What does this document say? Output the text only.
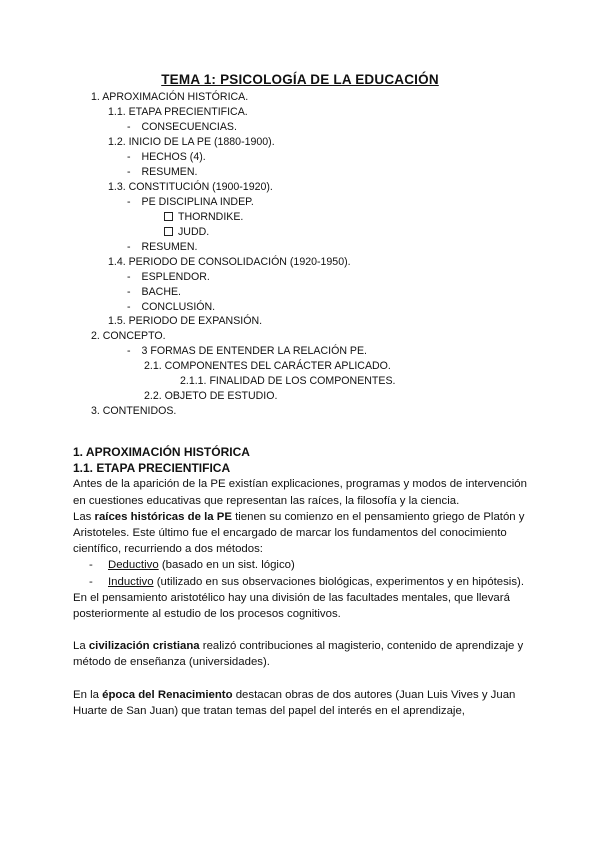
TEMA 1: PSICOLOGÍA DE LA EDUCACIÓN
1. APROXIMACIÓN HISTÓRICA.
1.1. ETAPA PRECIENTIFICA.
- CONSECUENCIAS.
1.2. INICIO DE LA PE (1880-1900).
- HECHOS (4).
- RESUMEN.
1.3. CONSTITUCIÓN (1900-1920).
- PE DISCIPLINA INDEP.
THORNDIKE.
JUDD.
- RESUMEN.
1.4. PERIODO DE CONSOLIDACIÓN (1920-1950).
- ESPLENDOR.
- BACHE.
- CONCLUSIÓN.
1.5. PERIODO DE EXPANSIÓN.
2. CONCEPTO.
- 3 FORMAS DE ENTENDER LA RELACIÓN PE.
2.1. COMPONENTES DEL CARÁCTER APLICADO.
2.1.1. FINALIDAD DE LOS COMPONENTES.
2.2. OBJETO DE ESTUDIO.
3. CONTENIDOS.
1. APROXIMACIÓN HISTÓRICA
1.1. ETAPA PRECIENTIFICA

Antes de la aparición de la PE existían explicaciones, programas y modos de intervención en cuestiones educativas que representan las raíces, la filosofía y la ciencia.

Las raíces históricas de la PE tienen su comienzo en el pensamiento griego de Platón y Aristoteles. Este último fue el encargado de marcar los fundamentos del conocimiento científico, recurriendo a dos métodos:

- Deductivo (basado en un sist. lógico)
- Inductivo (utilizado en sus observaciones biológicas, experimentos y en hipótesis).

En el pensamiento aristotélico hay una división de las facultades mentales, que llevará posteriormente al estudio de los procesos cognitivos.

La civilización cristiana realizó contribuciones al magisterio, contenido de aprendizaje y método de enseñanza (universidades).

En la época del Renacimiento destacan obras de dos autores (Juan Luis Vives y Juan Huarte de San Juan) que tratan temas del papel del interés en el aprendizaje,
